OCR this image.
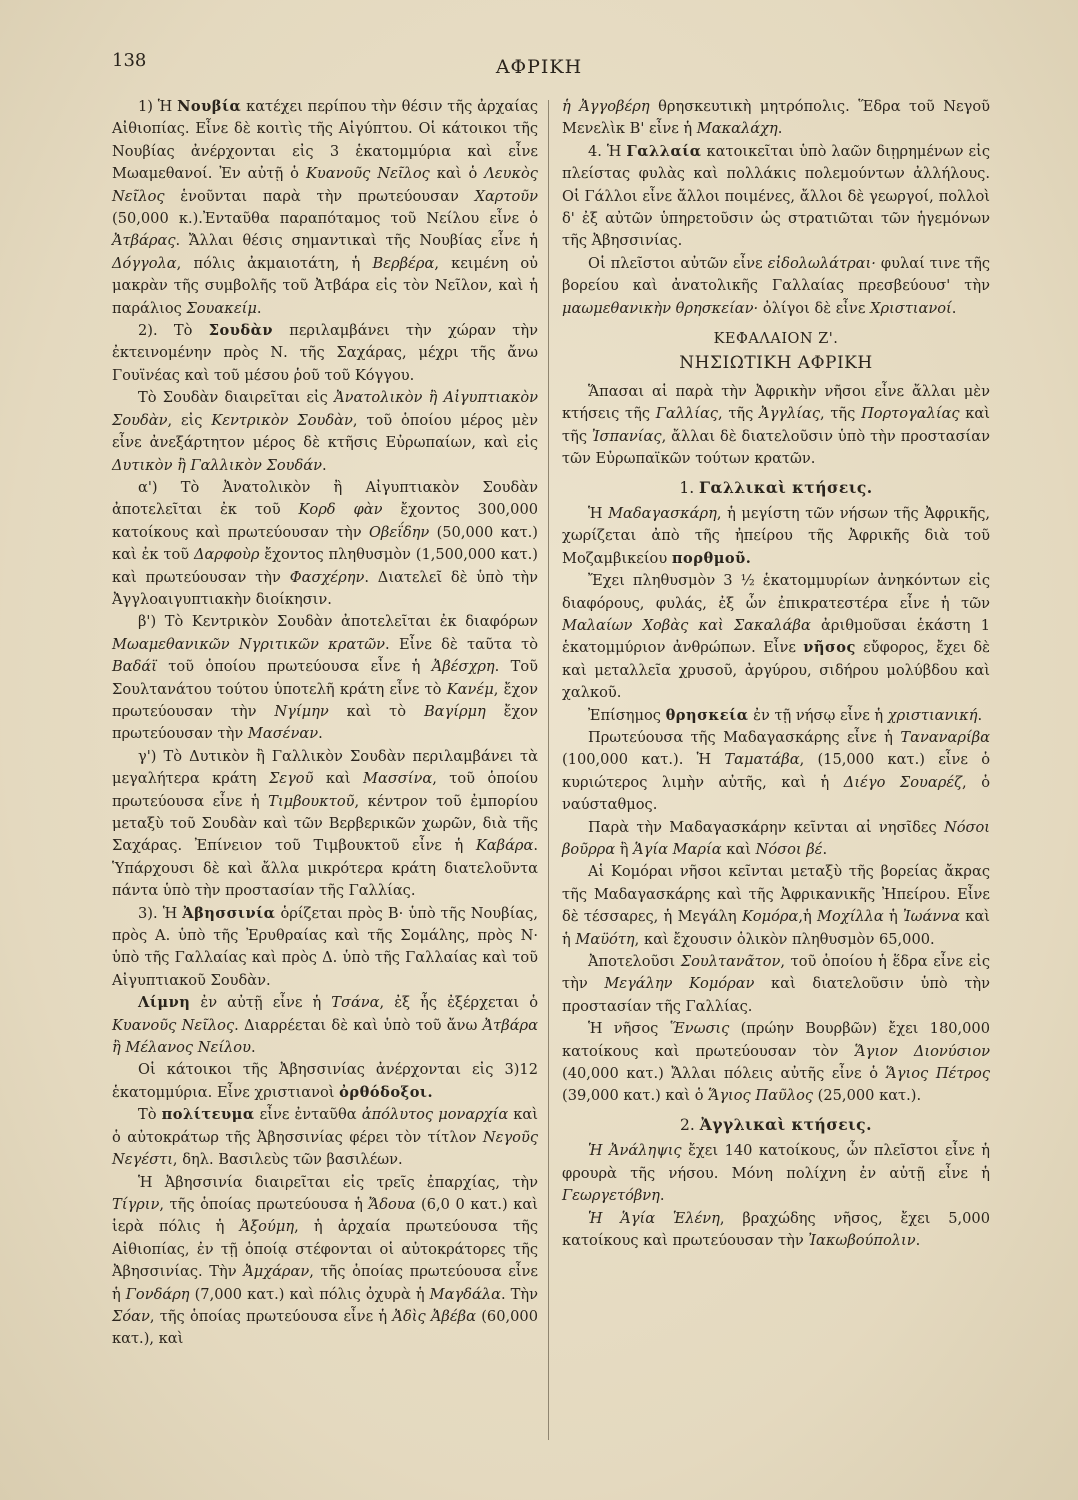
138	ΑΦΡΙΚΗ

1) Ἡ Νουβία κατέχει περίπου τὴν θέσιν τῆς ἀρχαίας Αἰθιοπίας. Εἶνε δὲ κοιτὶς τῆς Αἰγύπτου. Οἱ κάτοικοι τῆς Νουβίας ἀνέρχονται εἰς 3 ἑκατομμύρια καὶ εἶνε Μωαμεθανοί. Ἐν αὐτῇ ὁ Κυανοῦς Νεῖλος καὶ ὁ Λευκὸς Νεῖλος ἑνοῦνται παρὰ τὴν πρωτεύουσαν Χαρτοῦν (50,000 κ.).Ἐνταῦθα παραπόταμος τοῦ Νείλου εἶνε ὁ Ἀτβάρας. Ἄλλαι θέσις σημαντικαὶ τῆς Νουβίας εἶνε ἡ Δόγγολα, πόλις ἀκμαιοτάτη, ἡ Βερβέρα, κειμένη οὐ μακρὰν τῆς συμβολῆς τοῦ Ἀτβάρα εἰς τὸν Νεῖλον, καὶ ἡ παράλιος Σουακείμ.

2). Τὸ Σουδὰν περιλαμβάνει τὴν χώραν τὴν ἐκτεινομένην πρὸς Ν. τῆς Σαχάρας, μέχρι τῆς ἄνω Γουϊνέας καὶ τοῦ μέσου ῥοῦ τοῦ Κόγγου.

Τὸ Σουδὰν διαιρεῖται εἰς Ἀνατολικὸν ἢ Αἰγυπτιακὸν Σουδὰν, εἰς Κεντρικὸν Σουδὰν, τοῦ ὁποίου μέρος μὲν εἶνε ἀνεξάρτητον μέρος δὲ κτῆσις Εὐρωπαίων, καὶ εἰς Δυτικὸν ἢ Γαλλικὸν Σουδάν.

α') Τὸ Ἀνατολικὸν ἢ Αἰγυπτιακὸν Σουδὰν ἀποτελεῖται ἐκ τοῦ Κορδ φὰν ἔχοντος 300,000 κατοίκους καὶ πρωτεύουσαν τὴν Οβεΐδην (50,000 κατ.) καὶ ἐκ τοῦ Δαρφοὺρ ἔχοντος πληθυσμὸν (1,500,000 κατ.) καὶ πρωτεύουσαν τὴν Φασχέρην. Διατελεῖ δὲ ὑπὸ τὴν Ἀγγλοαιγυπτιακὴν διοίκησιν.

β') Τὸ Κεντρικὸν Σουδὰν ἀποτελεῖται ἐκ διαφόρων Μωαμεθανικῶν Νγριτικῶν κρατῶν. Εἶνε δὲ ταῦτα τὸ Βαδάϊ τοῦ ὁποίου πρωτεύουσα εἶνε ἡ Ἀβέσχρη. Τοῦ Σουλτανάτου τούτου ὑποτελῆ κράτη εἶνε τὸ Κανέμ, ἔχον πρωτεύουσαν τὴν Νγίμην καὶ τὸ Βαγίρμη ἔχον πρωτεύουσαν τὴν Μασέναν.

γ') Τὸ Δυτικὸν ἢ Γαλλικὸν Σουδὰν περιλαμβάνει τὰ μεγαλήτερα κράτη Σεγοῦ καὶ Μασσίνα, τοῦ ὁποίου πρωτεύουσα εἶνε ἡ Τιμβουκτοῦ, κέντρον τοῦ ἐμπορίου μεταξὺ τοῦ Σουδὰν καὶ τῶν Βερβερικῶν χωρῶν, διὰ τῆς Σαχάρας. Ἐπίνειον τοῦ Τιμβουκτοῦ εἶνε ἡ Καβάρα. Ὑπάρχουσι δὲ καὶ ἄλλα μικρότερα κράτη διατελοῦντα πάντα ὑπὸ τὴν προστασίαν τῆς Γαλλίας.

3). Ἡ Ἀβησσινία ὁρίζεται πρὸς Β· ὑπὸ τῆς Νουβίας, πρὸς Α. ὑπὸ τῆς Ἐρυθραίας καὶ τῆς Σομάλης, πρὸς Ν· ὑπὸ τῆς Γαλλαίας καὶ πρὸς Δ. ὑπὸ τῆς Γαλλαίας καὶ τοῦ Αἰγυπτιακοῦ Σουδὰν.

Λίμνη ἐν αὐτῇ εἶνε ἡ Τσάνα, ἐξ ἧς ἐξέρχεται ὁ Κυανοῦς Νεῖλος. Διαρρέεται δὲ καὶ ὑπὸ τοῦ ἄνω Ἀτβάρα ἢ Μέλανος Νείλου.

Οἱ κάτοικοι τῆς Ἀβησσινίας ἀνέρχονται εἰς 3)12 ἑκατομμύρια. Εἶνε χριστιανοὶ ὀρθόδοξοι.

Τὸ πολίτευμα εἶνε ἐνταῦθα ἀπόλυτος μοναρχία καὶ ὁ αὐτοκράτωρ τῆς Ἀβησσινίας φέρει τὸν τίτλον Νεγοῦς Νεγέστι, δηλ. Βασιλεὺς τῶν βασιλέων.

Ἡ Ἀβησσινία διαιρεῖται εἰς τρεῖς ἐπαρχίας, τὴν Τίγριν, τῆς ὁποίας πρωτεύουσα ἡ Ἄδουα (6,0 0 κατ.) καὶ ἱερὰ πόλις ἡ Ἀξούμη, ἡ ἀρχαία πρωτεύουσα τῆς Αἰθιοπίας, ἐν τῇ ὁποίᾳ στέφονται οἱ αὐτοκράτορες τῆς Ἀβησσινίας. Τὴν Ἀμχάραν, τῆς ὁποίας πρωτεύουσα εἶνε ἡ Γονδάρη (7,000 κατ.) καὶ πόλις ὀχυρὰ ἡ Μαγδάλα. Τὴν Σόαν, τῆς ὁποίας πρωτεύουσα εἶνε ἡ Ἀδὶς Ἀβέβα (60,000 κατ.), καὶ

ἡ Ἀγγοβέρη θρησκευτικὴ μητρόπολις. Ἕδρα τοῦ Νεγοῦ Μενελὶκ Β' εἶνε ἡ Μακαλάχη.

4. Ἡ Γαλλαία κατοικεῖται ὑπὸ λαῶν διῃρημένων εἰς πλείστας φυλὰς καὶ πολλάκις πολεμούντων ἀλλήλους. Οἱ Γάλλοι εἶνε ἄλλοι ποιμένες, ἄλλοι δὲ γεωργοί, πολλοὶ δ' ἐξ αὐτῶν ὑπηρετοῦσιν ὡς στρατιῶται τῶν ἡγεμόνων τῆς Ἀβησσινίας.

Οἱ πλεῖστοι αὐτῶν εἶνε εἰδολωλάτραι· φυλαί τινε τῆς βορείου καὶ ἀνατολικῆς Γαλλαίας πρεσβεύουσ' τὴν μαωμεθανικὴν θρησκείαν· ὀλίγοι δὲ εἶνε Χριστιανοί.

ΚΕΦΑΛΑΙΟΝ Ζ'.

ΝΗΣΙΩΤΙΚΗ ΑΦΡΙΚΗ

Ἅπασαι αἱ παρὰ τὴν Ἀφρικὴν νῆσοι εἶνε ἄλλαι μὲν κτήσεις τῆς Γαλλίας, τῆς Ἀγγλίας, τῆς Πορτογαλίας καὶ τῆς Ἰσπανίας, ἄλλαι δὲ διατελοῦσιν ὑπὸ τὴν προστασίαν τῶν Εὐρωπαϊκῶν τούτων κρατῶν.

1. Γαλλικαὶ κτήσεις.

Ἡ Μαδαγασκάρη, ἡ μεγίστη τῶν νήσων τῆς Ἀφρικῆς, χωρίζεται ἀπὸ τῆς ἠπείρου τῆς Ἀφρικῆς διὰ τοῦ Μοζαμβικείου πορθμοῦ.

Ἔχει πληθυσμὸν 3 ½ ἑκατομμυρίων ἀνηκόντων εἰς διαφόρους, φυλάς, ἐξ ὧν ἐπικρατεστέρα εἶνε ἡ τῶν Μαλαίων Χοβὰς καὶ Σακαλάβα ἀριθμοῦσαι ἑκάστη 1 ἑκατομμύριον ἀνθρώπων. Εἶνε νῆσος εὔφορος, ἔχει δὲ καὶ μεταλλεῖα χρυσοῦ, ἀργύρου, σιδήρου μολύβδου καὶ χαλκοῦ.

Ἐπίσημος θρησκεία ἐν τῇ νήσῳ εἶνε ἡ χριστιανική.

Πρωτεύουσα τῆς Μαδαγασκάρης εἶνε ἡ Ταναναρίβα (100,000 κατ.). Ἡ Ταματάβα, (15,000 κατ.) εἶνε ὁ κυριώτερος λιμὴν αὐτῆς, καὶ ἡ Διέγο Σουαρέζ, ὁ ναύσταθμος.

Παρὰ τὴν Μαδαγασκάρην κεῖνται αἱ νησῖδες Νόσοι βοῦρρα ἢ Ἁγία Μαρία καὶ Νόσοι βέ.

Αἱ Κομόραι νῆσοι κεῖνται μεταξὺ τῆς βορείας ἄκρας τῆς Μαδαγασκάρης καὶ τῆς Ἀφρικανικῆς Ἠπείρου. Εἶνε δὲ τέσσαρες, ἡ Μεγάλη Κομόρα,ἡ Μοχίλλα ἡ Ἰωάννα καὶ ἡ Μαϋότη, καὶ ἔχουσιν ὁλικὸν πληθυσμὸν 65,000.

Ἀποτελοῦσι Σουλτανᾶτον, τοῦ ὁποίου ἡ ἕδρα εἶνε εἰς τὴν Μεγάλην Κομόραν καὶ διατελοῦσιν ὑπὸ τὴν προστασίαν τῆς Γαλλίας.

Ἡ νῆσος Ἕνωσις (πρώην Βουρβῶν) ἔχει 180,000 κατοίκους καὶ πρωτεύουσαν τὸν Ἅγιον Διονύσιον (40,000 κατ.) Ἄλλαι πόλεις αὐτῆς εἶνε ὁ Ἅγιος Πέτρος (39,000 κατ.) καὶ ὁ Ἅγιος Παῦλος (25,000 κατ.).

2. Ἀγγλικαὶ κτήσεις.

Ἡ Ἀνάληψις ἔχει 140 κατοίκους, ὧν πλεῖστοι εἶνε ἡ φρουρὰ τῆς νήσου. Μόνη πολίχνη ἐν αὐτῇ εἶνε ἡ Γεωργετόβνη.

Ἡ Ἁγία Ἑλένη, βραχώδης νῆσος, ἔχει 5,000 κατοίκους καὶ πρωτεύουσαν τὴν Ἰακωβούπολιν.
